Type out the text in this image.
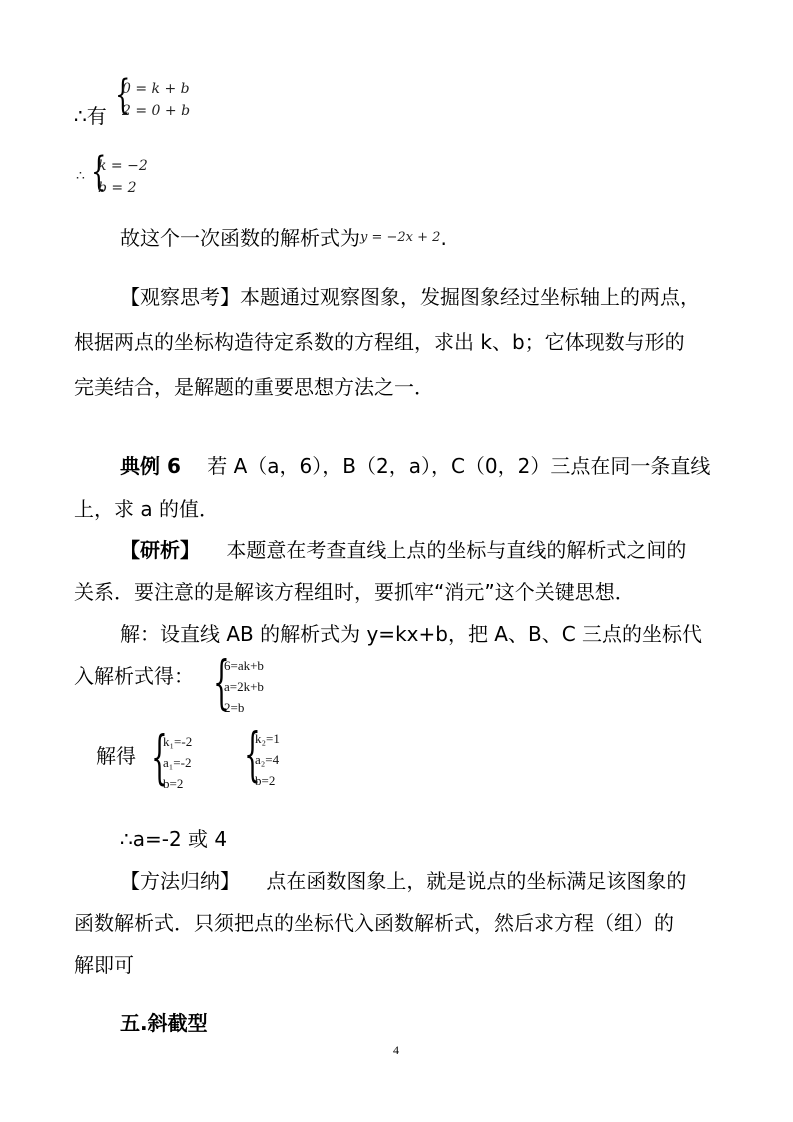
∴有 {
0 = k + b
2 = 0 + b
∴ {
k = −2
b = 2
故这个一次函数的解析式为$^{y = -2x + 2}$.
【观察思考】本题通过观察图象，发掘图象经过坐标轴上的两点，
根据两点的坐标构造待定系数的方程组，求出 k、b；它体现数与形的
完美结合，是解题的重要思想方法之一．
典例 6 若 A（a，6），B（2，a），C（0，2）三点在同一条直线
上，求 a 的值．
【研析】 本题意在考查直线上点的坐标与直线的解析式之间的
关系．要注意的是解该方程组时，要抓牢“消元”这个关键思想．
解：设直线 AB 的解析式为 y=kx+b，把 A、B、C 三点的坐标代
入解析式得： {
6=ak+b
a=2k+b
2=b
解得 {
k₁=-2
a₁=-2
b=2 {
k₂=1
a₂=4
b=2
∴a=-2 或 4
【方法归纳】 点在函数图象上，就是说点的坐标满足该图象的
函数解析式．只须把点的坐标代入函数解析式，然后求方程（组）的
解即可
五.斜截型
4
